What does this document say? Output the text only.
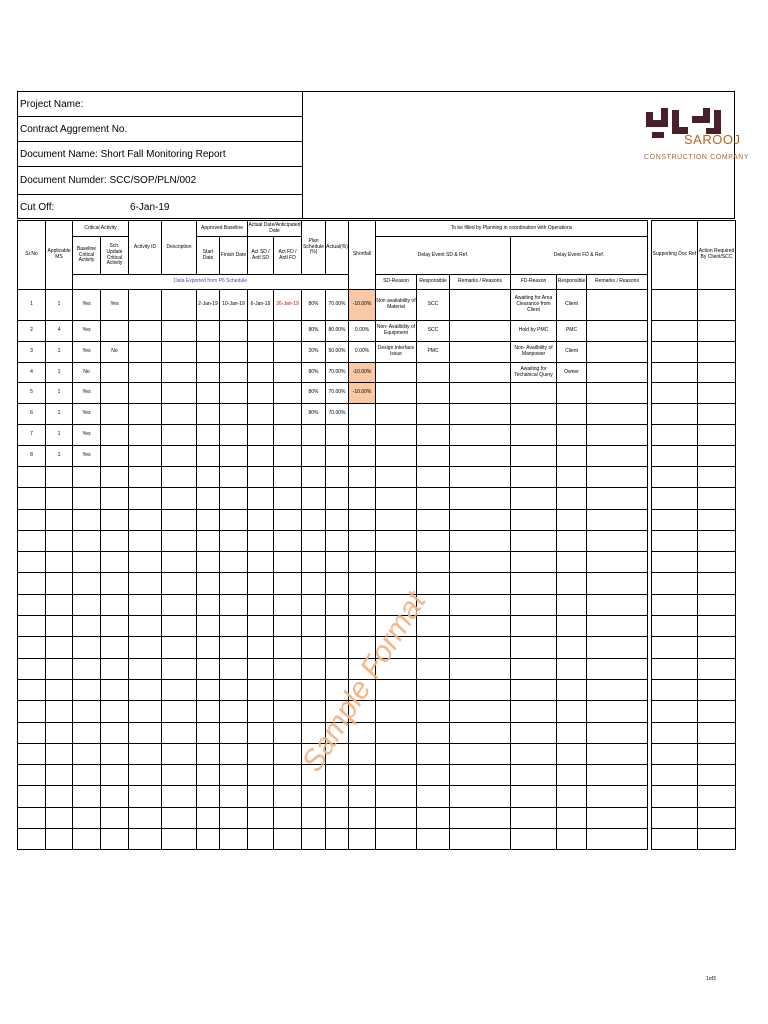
Project Name:
Contract Aggrement No.
Document Name: Short Fall Monitoring Report
Document Numder: SCC/SOP/PLN/002
Cut Off:	6-Jan-19
SAROOJ
CONSTRUCTION COMPANY
Sr.No	Applicable MS	Critical Activity		Activity ID	Description	Approved Baseline		Actual Date/Anticipated Date		Plan Schedule (%)	Actual(%)	Shortfall	To be filled by Planning in coordination with Operations							Supporting Doc Ref	Action Required By Client/SCC
		Baseline Critical Activity	Sch. Update Critical Activity			Start Date	Finish Date	Act SD / Antl SD	Act FD / Antl FD				Delay Event SD & Ref.			Delay Event FD & Ref.					
		Data Exported from P6 Schedule											SD-Reason	Responsible	Remarks / Reasons	FD-Reason	Responsible	Remarks / Reasons			
1	1	Yes	Yes			2-Jan-19	10-Jan-19	6-Jan-19	26-Jan-19	80%	70.00%	-10.00%	Non availability of Material	SCC		Awaiting for Area Clearance from Client	Client				
2	4	Yes								80%	80.00%	0.00%	Non- Availbility of Equipment	SCC		Hold by PMC	PMC				
3	1	Yes	No							20%	50.00%	0.00%	Design Interface Issue	PMC		Non- Availbility of Manpower	Client				
4	1	No								80%	70.00%	-10.00%				Awaiting for Techanical Query	Owner				
5	1	Yes								80%	70.00%	-10.00%									
6	1	Yes								80%	70.00%										
7	1	Yes																			
8	1	Yes																			

Sample Format
1of3
